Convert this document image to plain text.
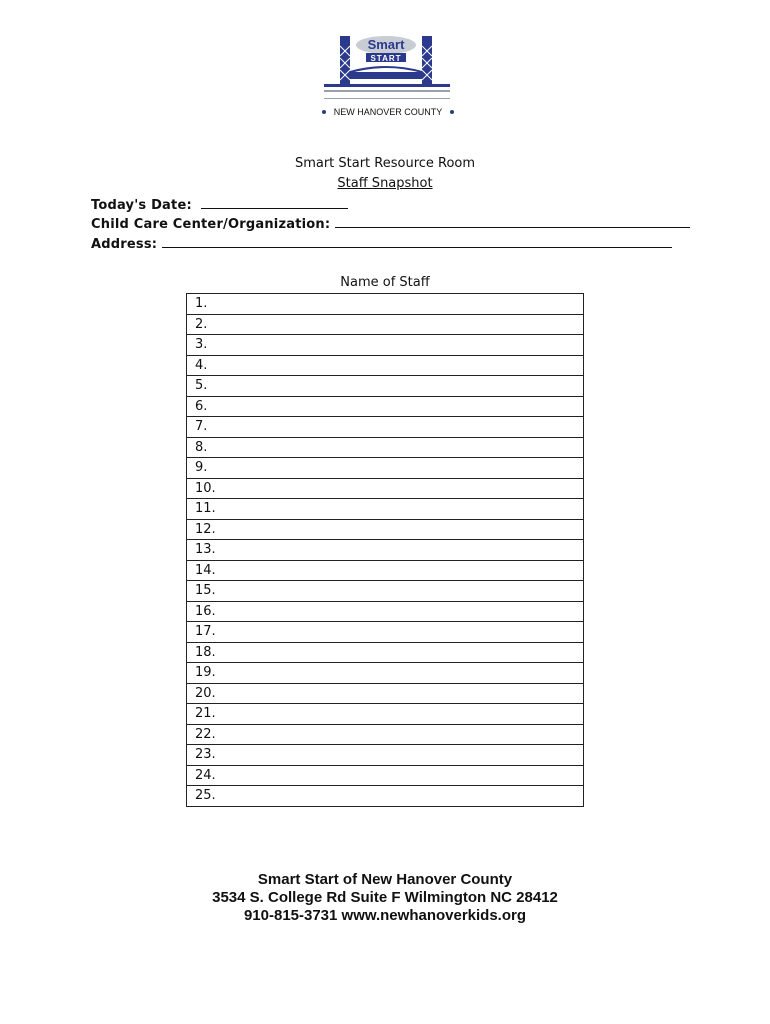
Smart
START
NEW HANOVER COUNTY
Smart Start Resource Room
Staff Snapshot
Today's Date:
Child Care Center/Organization:
Address:
Name of Staff
1.
2.
3.
4.
5.
6.
7.
8.
9.
10.
11.
12.
13.
14.
15.
16.
17.
18.
19.
20.
21.
22.
23.
24.
25.
Smart Start of New Hanover County
3534 S. College Rd Suite F Wilmington NC 28412
910-815-3731 www.newhanoverkids.org
